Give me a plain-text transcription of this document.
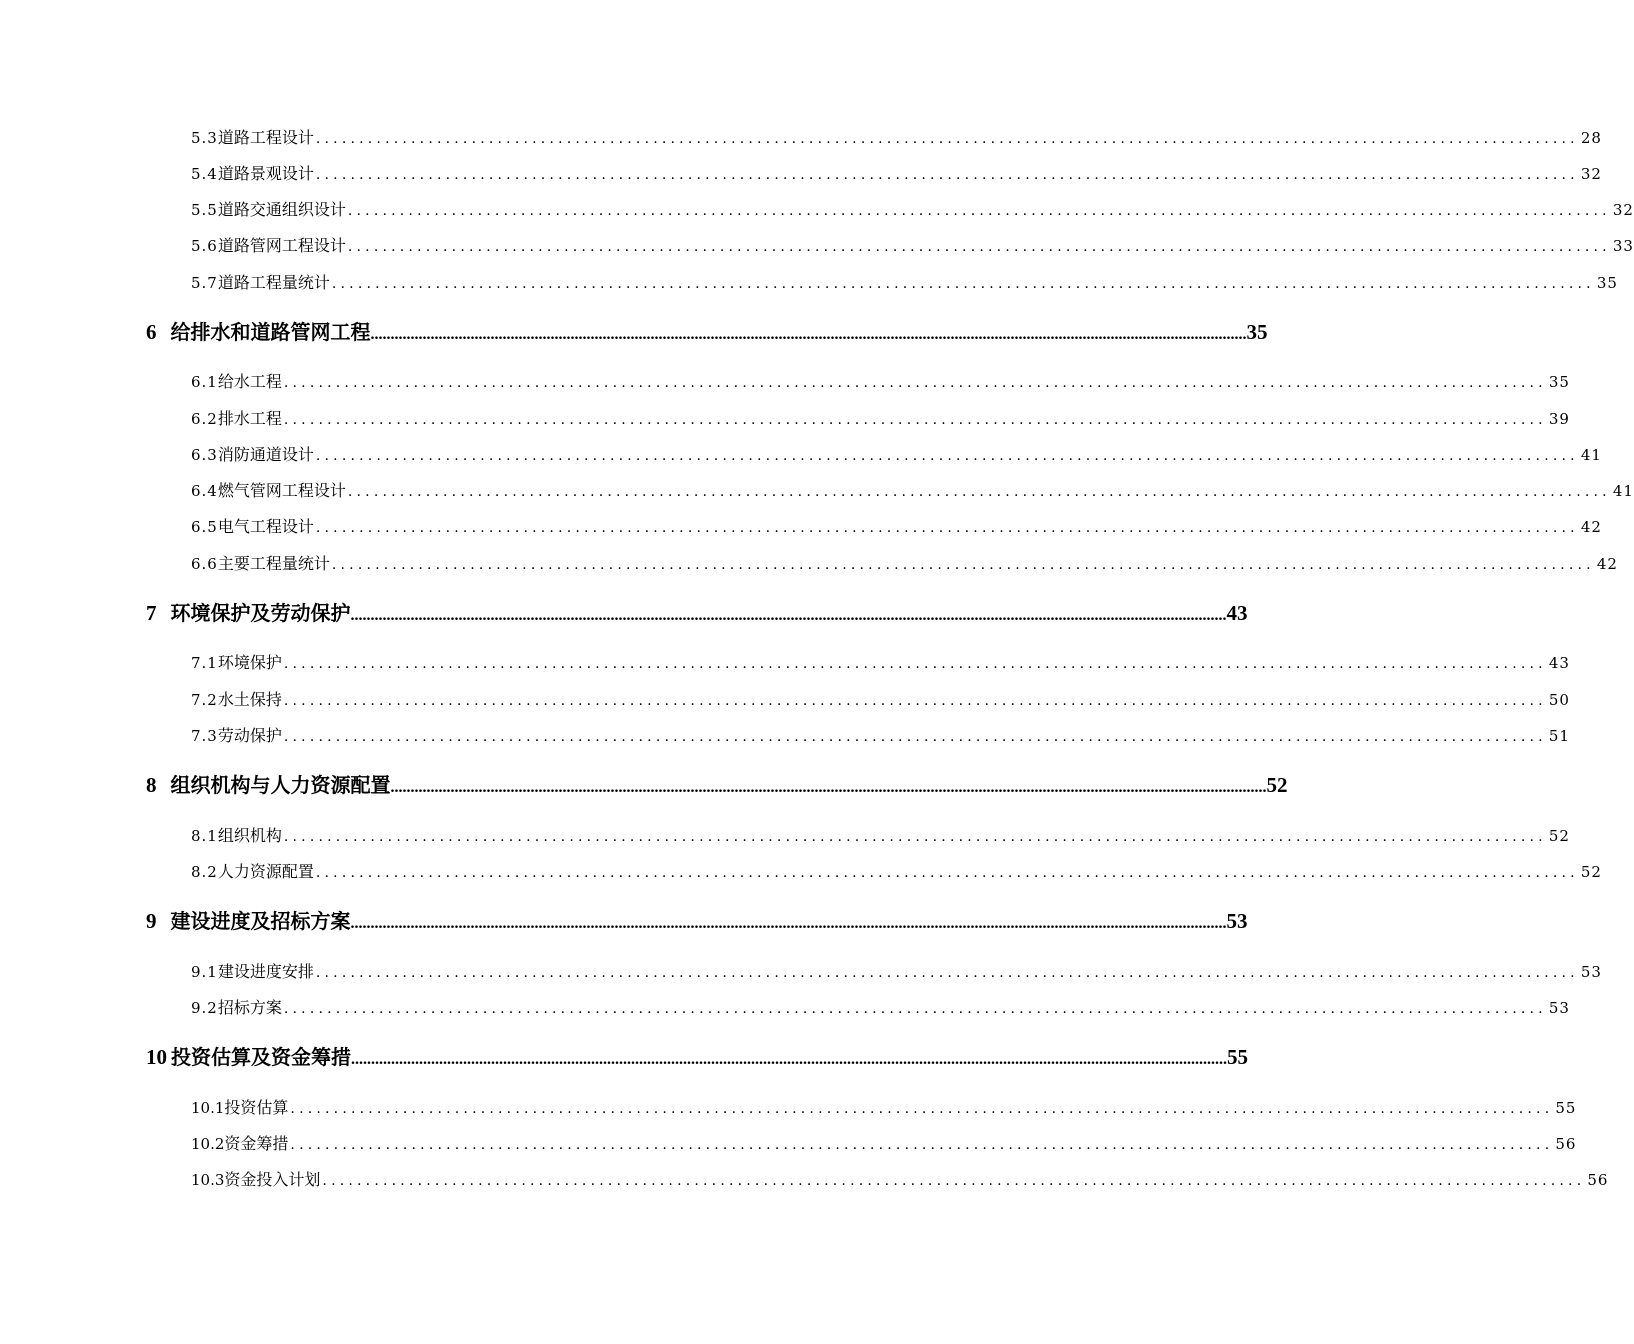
5.3 道路工程设计 .................................................................................................................................................. 28
5.4 道路景观设计 .................................................................................................................................................. 32
5.5 道路交通组织设计 .................................................................................................................................................. 32
5.6 道路管网工程设计 .................................................................................................................................................. 33
5.7 道路工程量统计 .................................................................................................................................................. 35
6 给排水和道路管网工程 ........................................................................................................................................................................................................................... 35
6.1 给水工程 .................................................................................................................................................. 35
6.2 排水工程 .................................................................................................................................................. 39
6.3 消防通道设计 .................................................................................................................................................. 41
6.4 燃气管网工程设计 .................................................................................................................................................. 41
6.5 电气工程设计 .................................................................................................................................................. 42
6.6 主要工程量统计 .................................................................................................................................................. 42
7 环境保护及劳动保护 ........................................................................................................................................................................................................................... 43
7.1 环境保护 .................................................................................................................................................. 43
7.2 水土保持 .................................................................................................................................................. 50
7.3 劳动保护 .................................................................................................................................................. 51
8 组织机构与人力资源配置 ........................................................................................................................................................................................................................... 52
8.1 组织机构 .................................................................................................................................................. 52
8.2 人力资源配置 .................................................................................................................................................. 52
9 建设进度及招标方案 ........................................................................................................................................................................................................................... 53
9.1 建设进度安排 .................................................................................................................................................. 53
9.2 招标方案 .................................................................................................................................................. 53
10 投资估算及资金筹措 ........................................................................................................................................................................................................................... 55
10.1 投资估算 .................................................................................................................................................. 55
10.2 资金筹措 .................................................................................................................................................. 56
10.3 资金投入计划 .................................................................................................................................................. 56
